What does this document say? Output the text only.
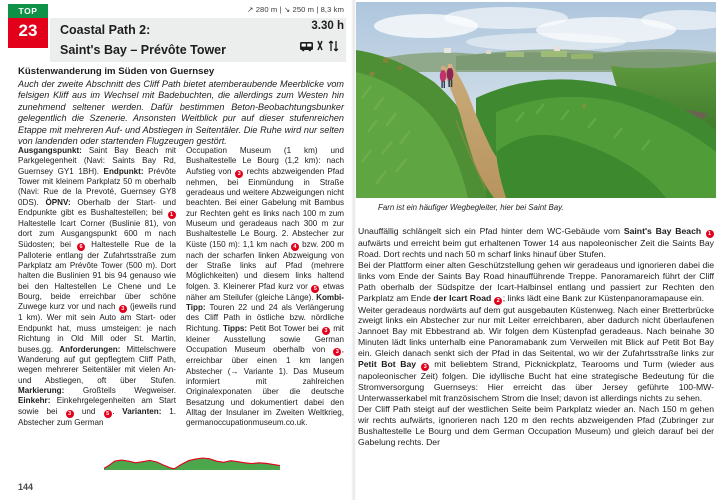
TOP
23	Coastal Path 2:
Saint's Bay – Prévôte Tower
↗ 280 m | ↘ 250 m | 8,3 km
3.30 h
Küstenwanderung im Süden von Guernsey
Auch der zweite Abschnitt des Cliff Path bietet atemberaubende Meerblicke vom felsigen Kliff aus im Wechsel mit Badebuchten, die allerdings zum Westen hin zunehmend seltener werden. Dafür bestimmen Beton-Beobachtungsbunker gelegentlich die Szenerie. Ansonsten Weitblick pur auf dieser stufenreichen Etappe mit mehreren Auf- und Abstiegen in Seitentäler. Die Ruhe wird nur selten von landenden oder startenden Flugzeugen gestört.
Ausgangspunkt: Saint Bay Beach mit Parkgelegenheit (Navi: Saints Bay Rd, Guernsey GY1 1BH). Endpunkt: Prévôte Tower mit kleinem Parkplatz 50 m oberhalb (Navi: Rue de la Prevoté, Guernsey GY8 0DS). ÖPNV: Oberhalb der Start- und Endpunkte gibt es Bushaltestellen; bei 1 Haltestelle Icart Corner (Buslinie 81), von dort zum Ausgangspunkt 600 m nach Südosten; bei 6 Haltestelle Rue de la Palloterie entlang der Zufahrtsstraße zum Parkplatz am Prévôte Tower (500 m). Dort halten die Buslinien 91 bis 94 genauso wie bei den Haltestellen Le Chene und Le Bourg, beide erreichbar über schöne Zuwege kurz vor und nach 3 (jeweils rund 1 km). Wer mit sein Auto am Start- oder Endpunkt hat, muss umsteigen: je nach Richtung in Old Mill oder St. Martin, buses.gg. Anforderungen: Mittelschwere Wanderung auf gut gepflegtem Cliff Path, wegen mehrerer Seitentäler mit vielen An- und Abstiegen, oft über Stufen. Markierung: Großteils Wegweiser. Einkehr: Einkehrgelegenheiten am Start sowie bei 3 und 5 . Varianten: 1. Abstecher zum German
Occupation Museum (1 km) und Bushaltestelle Le Bourg (1,2 km): nach Aufstieg von 3 rechts abzweigenden Pfad nehmen, bei Einmündung in Straße geradeaus und weitere Abzweigungen nicht beachten. Bei einer Gabelung mit Bambus zur Rechten geht es links nach 100 m zum Museum und geradeaus nach 300 m zur Bushaltestelle Le Bourg. 2. Abstecher zur Küste (150 m): 1,1 km nach 4 bzw. 200 m nach der scharfen linken Abzweigung von der Straße links auf Pfad (mehrere Möglichkeiten) und diesem links haltend folgen. 3. Kleinerer Pfad kurz vor 5 etwas näher am Steilufer (gleiche Länge). Kombi-Tipp: Touren 22 und 24 als Verlängerung des Cliff Path in östliche bzw. nördliche Richtung. Tipps: Petit Bot Tower bei 3 mit kleiner Ausstellung sowie German Occupation Museum oberhalb von 3 , erreichbar über einen 1 km langen Abstecher (→ Variante 1). Das Museum informiert mit zahlreichen Originalexponaten über die deutsche Besatzung und dokumentiert dabei den Alltag der Insulaner im Zweiten Weltkrieg, germanoccupationmuseum.co.uk.
144
Farn ist ein häufiger Wegbegleiter, hier bei Saint Bay.

Unauffällig schlängelt sich ein Pfad hinter dem WC-Gebäude vom Saint's Bay Beach 1 aufwärts und erreicht beim gut erhaltenen Tower 14 aus napoleonischer Zeit die Saints Bay Road. Dort rechts und nach 50 m scharf links hinauf über Stufen.

Bei der Plattform einer alten Geschützstellung gehen wir geradeaus und ignorieren dabei die links vom Ende der Saints Bay Road hinaufführende Treppe. Panoramareich führt der Cliff Path oberhalb der Südspitze der Icart-Halbinsel entlang und passiert zur Rechten den Parkplatz am Ende der Icart Road 2 ; links lädt eine Bank zur Küstenpanoramapause ein.

Weiter geradeaus nordwärts auf dem gut ausgebauten Küstenweg. Nach einer Bretterbrücke zweigt links ein Abstecher zur nur mit Leiter erreichbaren, aber dadurch nicht überlaufenen Jannoet Bay mit Ebbestrand ab. Wir folgen dem Küstenpfad geradeaus. Nach beinahe 30 Minuten lädt links unterhalb eine Panoramabank zum Verweilen mit Blick auf Petit Bot Bay ein. Gleich danach senkt sich der Pfad in das Seitental, wo wir der Zufahrtsstraße links zur Petit Bot Bay 3 mit beliebtem Strand, Picknickplatz, Tearooms und Turm (wieder aus napoleonischer Zeit) folgen. Die idyllische Bucht hat eine strategische Bedeutung für die Stromversorgung Guernseys: Hier erreicht das über Jersey geführte 100-MW-Unterwasserkabel mit französischem Strom die Insel; davon ist allerdings nichts zu sehen.

Der Cliff Path steigt auf der westlichen Seite beim Parkplatz wieder an. Nach 150 m gehen wir rechts aufwärts, ignorieren nach 120 m den rechts abzweigenden Pfad (Zubringer zur Bushaltestelle Le Bourg und dem German Occupation Museum) und gleich darauf bei der Gabelung rechts. Der
